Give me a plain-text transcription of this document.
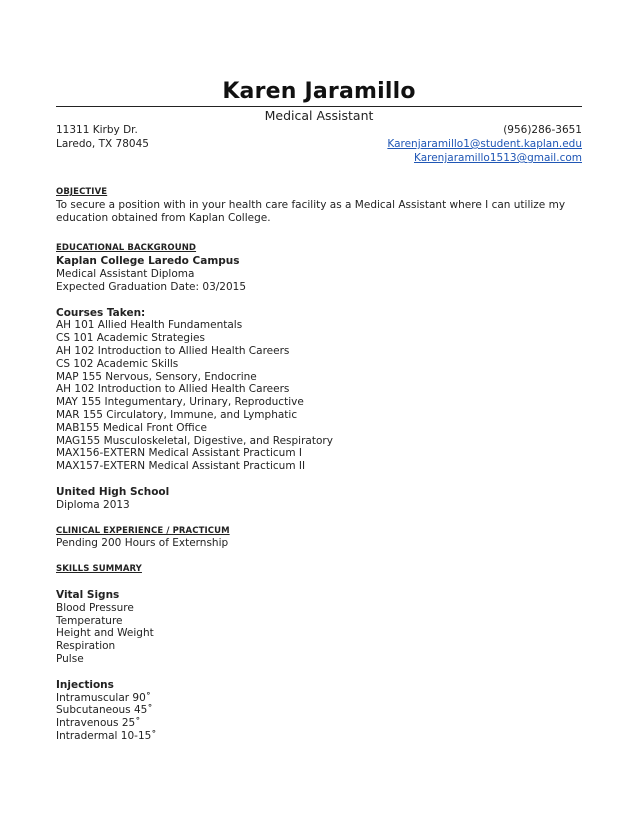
Karen Jaramillo
Medical Assistant
11311 Kirby Dr.
Laredo, TX 78045
(956)286-3651
Karenjaramillo1@student.kaplan.edu
Karenjaramillo1513@gmail.com
OBJECTIVE
To secure a position with in your health care facility as a Medical Assistant where I can utilize my
education obtained from Kaplan College.
EDUCATIONAL BACKGROUND
Kaplan College Laredo Campus
Medical Assistant Diploma
Expected Graduation Date: 03/2015
Courses Taken:
AH 101 Allied Health Fundamentals
CS 101 Academic Strategies
AH 102 Introduction to Allied Health Careers
CS 102 Academic Skills
MAP 155 Nervous, Sensory, Endocrine
AH 102 Introduction to Allied Health Careers
MAY 155 Integumentary, Urinary, Reproductive
MAR 155 Circulatory, Immune, and Lymphatic
MAB155 Medical Front Office
MAG155 Musculoskeletal, Digestive, and Respiratory
MAX156-EXTERN Medical Assistant Practicum I
MAX157-EXTERN Medical Assistant Practicum II
United High School
Diploma 2013
CLINICAL EXPERIENCE / PRACTICUM
Pending 200 Hours of Externship
SKILLS SUMMARY
Vital Signs
Blood Pressure
Temperature
Height and Weight
Respiration
Pulse
Injections
Intramuscular 90˚
Subcutaneous 45˚
Intravenous 25˚
Intradermal 10-15˚
